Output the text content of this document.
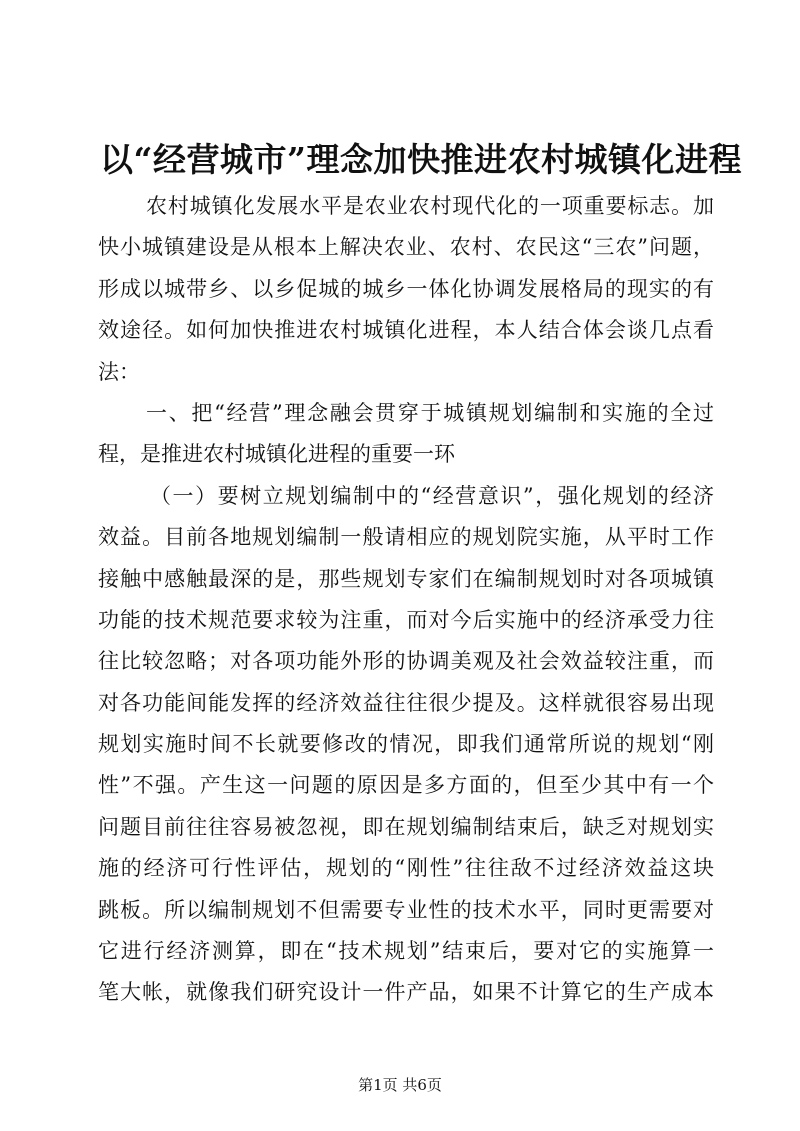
以“经营城市”理念加快推进农村城镇化进程
农村城镇化发展水平是农业农村现代化的一项重要标志。加
快小城镇建设是从根本上解决农业、农村、农民这“三农”问题，
形成以城带乡、以乡促城的城乡一体化协调发展格局的现实的有
效途径。如何加快推进农村城镇化进程，本人结合体会谈几点看
法：
一、把“经营”理念融会贯穿于城镇规划编制和实施的全过
程，是推进农村城镇化进程的重要一环
（一）要树立规划编制中的“经营意识”，强化规划的经济
效益。目前各地规划编制一般请相应的规划院实施，从平时工作
接触中感触最深的是，那些规划专家们在编制规划时对各项城镇
功能的技术规范要求较为注重，而对今后实施中的经济承受力往
往比较忽略；对各项功能外形的协调美观及社会效益较注重，而
对各功能间能发挥的经济效益往往很少提及。这样就很容易出现
规划实施时间不长就要修改的情况，即我们通常所说的规划“刚
性”不强。产生这一问题的原因是多方面的，但至少其中有一个
问题目前往往容易被忽视，即在规划编制结束后，缺乏对规划实
施的经济可行性评估，规划的“刚性”往往敌不过经济效益这块
跳板。所以编制规划不但需要专业性的技术水平，同时更需要对
它进行经济测算，即在“技术规划”结束后，要对它的实施算一
笔大帐，就像我们研究设计一件产品，如果不计算它的生产成本
第1页 共6页
